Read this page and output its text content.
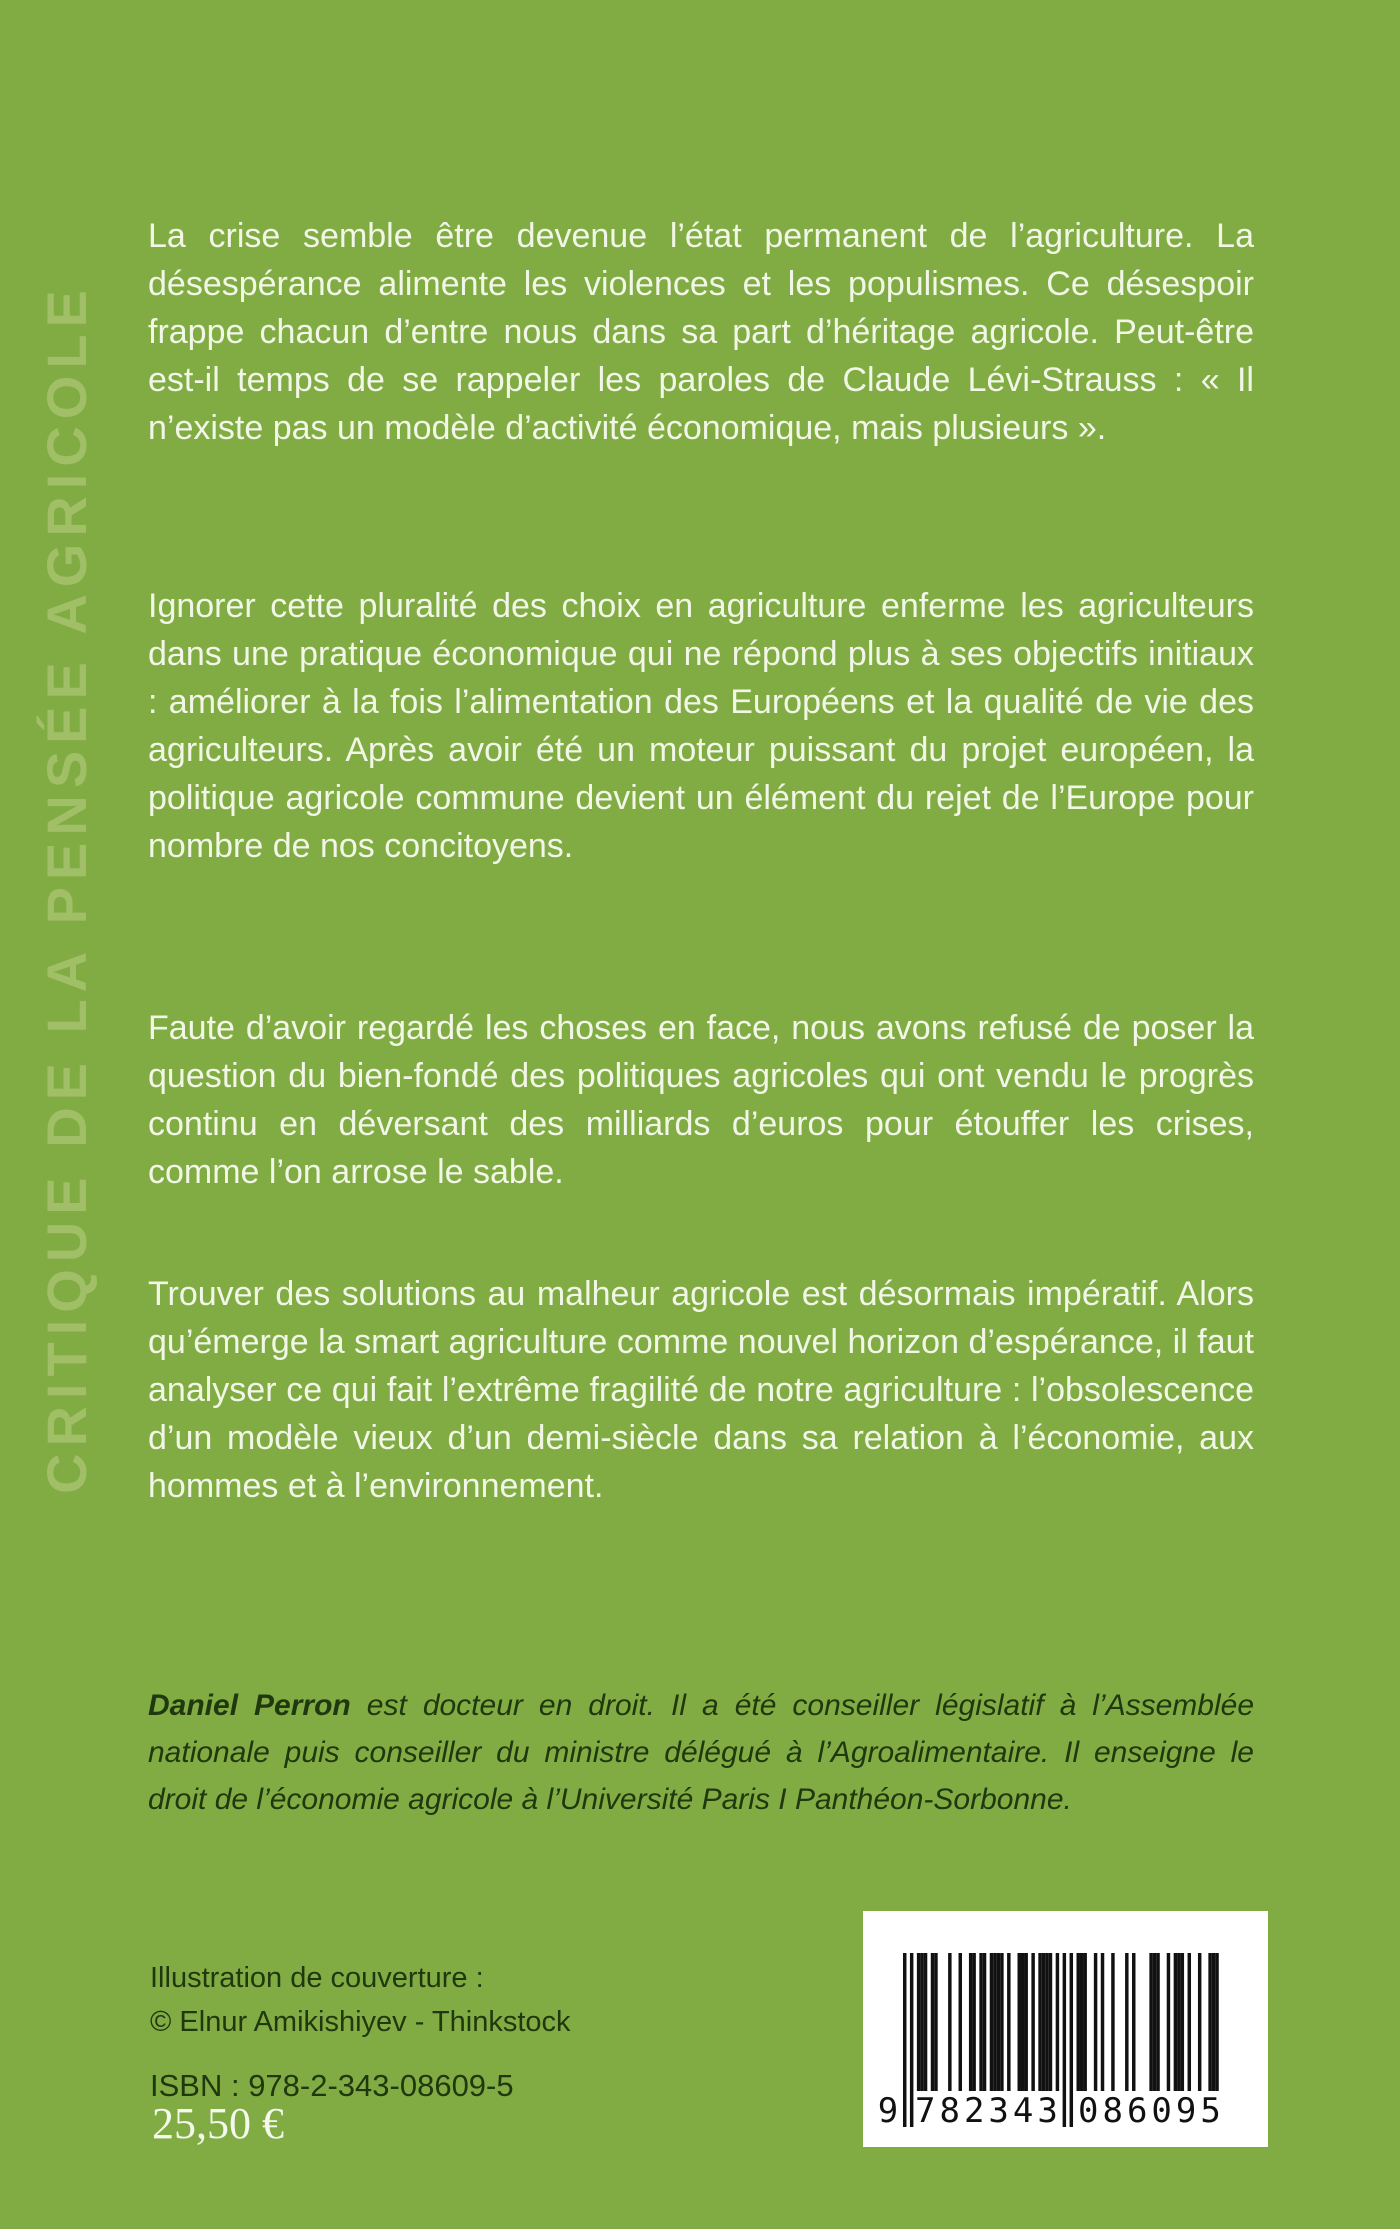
CRITIQUE DE LA PENSÉE AGRICOLE

La crise semble être devenue l’état permanent de l’agriculture. La désespérance alimente les violences et les populismes. Ce désespoir frappe chacun d’entre nous dans sa part d’héritage agricole. Peut-être est-il temps de se rappeler les paroles de Claude Lévi-Strauss : « Il n’existe pas un modèle d’activité économique, mais plusieurs ».

Ignorer cette pluralité des choix en agriculture enferme les agriculteurs dans une pratique économique qui ne répond plus à ses objectifs initiaux : améliorer à la fois l’alimentation des Européens et la qualité de vie des agriculteurs. Après avoir été un moteur puissant du projet européen, la politique agricole commune devient un élément du rejet de l’Europe pour nombre de nos concitoyens.

Faute d’avoir regardé les choses en face, nous avons refusé de poser la question du bien-fondé des politiques agricoles qui ont vendu le progrès continu en déversant des milliards d’euros pour étouffer les crises, comme l’on arrose le sable.

Trouver des solutions au malheur agricole est désormais impératif. Alors qu’émerge la smart agriculture comme nouvel horizon d’espérance, il faut analyser ce qui fait l’extrême fragilité de notre agriculture : l’obsolescence d’un modèle vieux d’un demi-siècle dans sa relation à l’économie, aux hommes et à l’environnement.

Daniel Perron est docteur en droit. Il a été conseiller législatif à l’Assemblée nationale puis conseiller du ministre délégué à l’Agroalimentaire. Il enseigne le droit de l’économie agricole à l’Université Paris I Panthéon-Sorbonne.

Illustration de couverture :
© Elnur Amikishiyev - Thinkstock
ISBN : 978-2-343-08609-5
25,50 €	9 782343 086095
